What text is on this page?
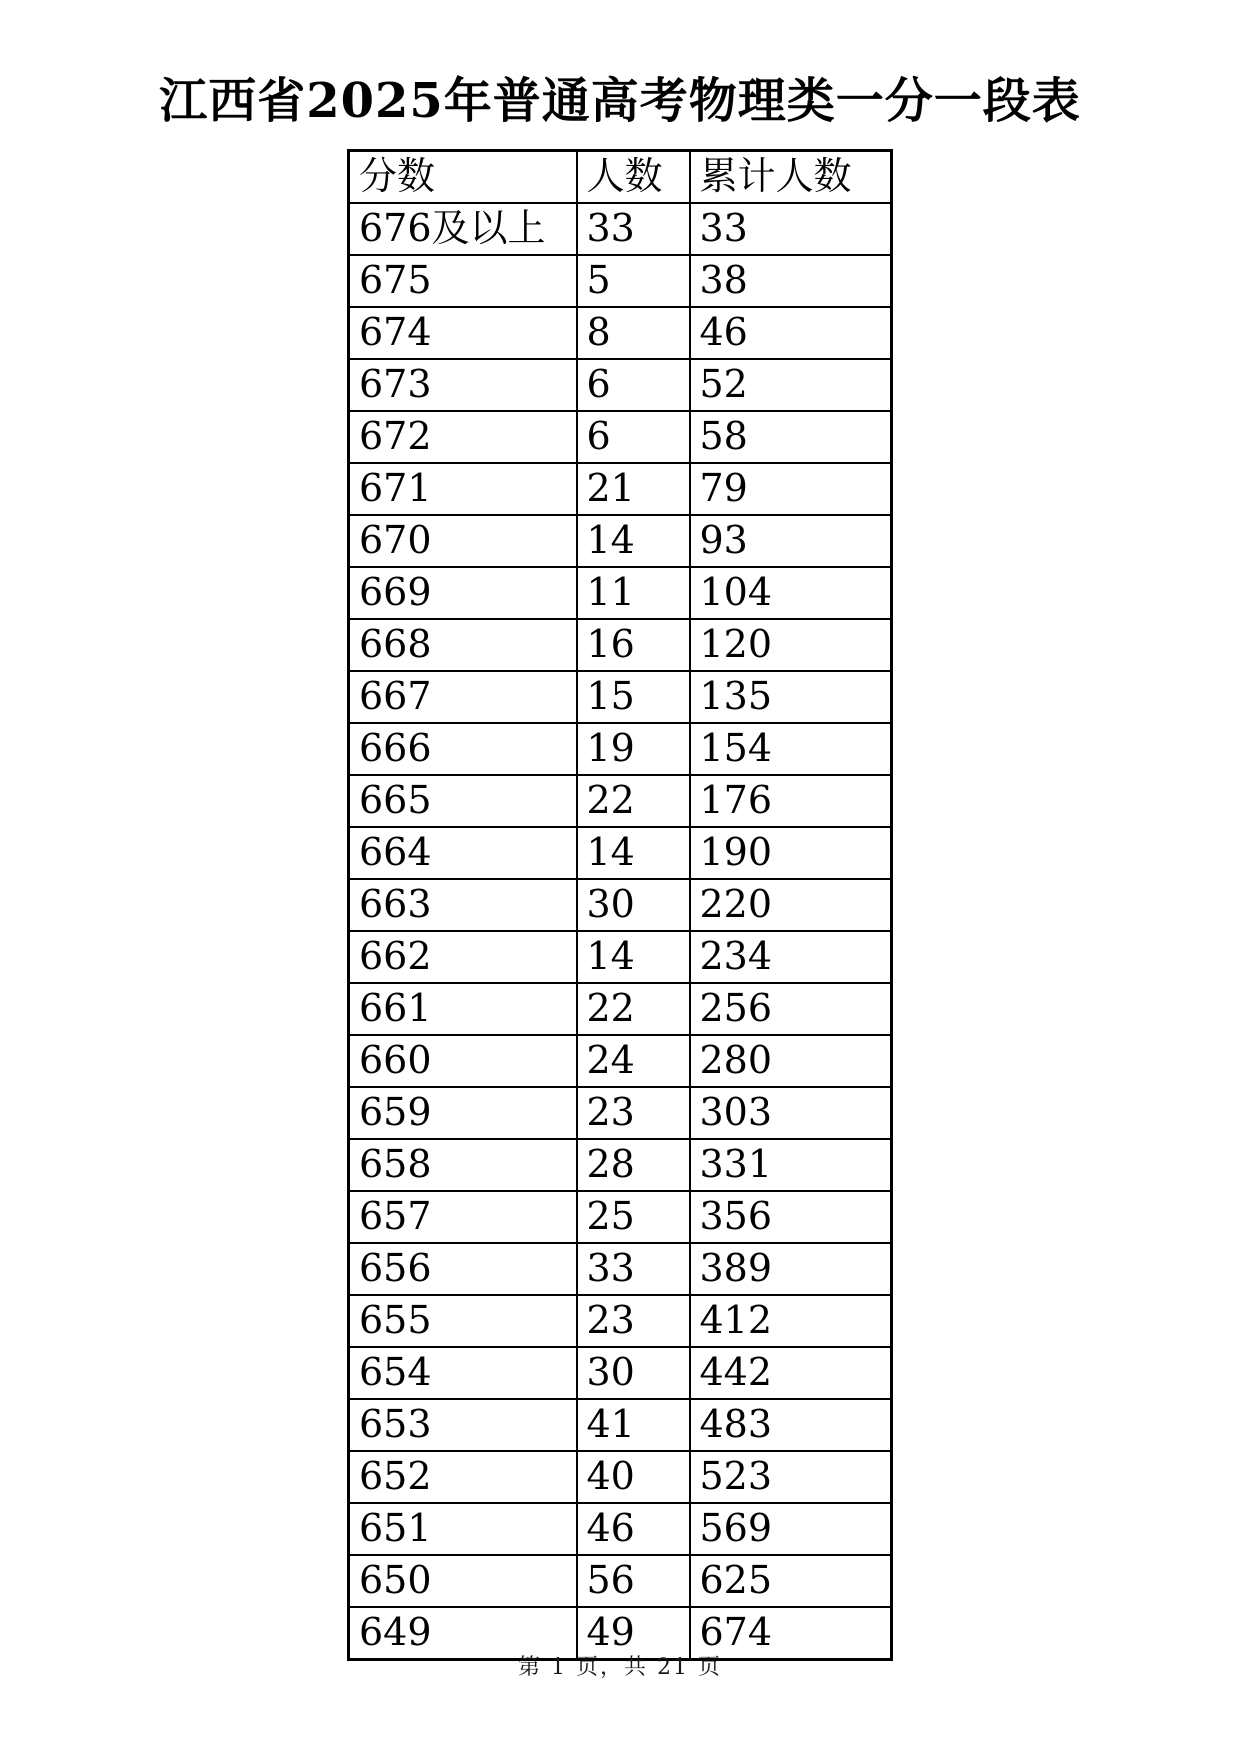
江西省2025年普通高考物理类一分一段表
分数	人数	累计人数
676及以上	33	33
675	5	38
674	8	46
673	6	52
672	6	58
671	21	79
670	14	93
669	11	104
668	16	120
667	15	135
666	19	154
665	22	176
664	14	190
663	30	220
662	14	234
661	22	256
660	24	280
659	23	303
658	28	331
657	25	356
656	33	389
655	23	412
654	30	442
653	41	483
652	40	523
651	46	569
650	56	625
649	49	674
第 1 页，共 21 页
